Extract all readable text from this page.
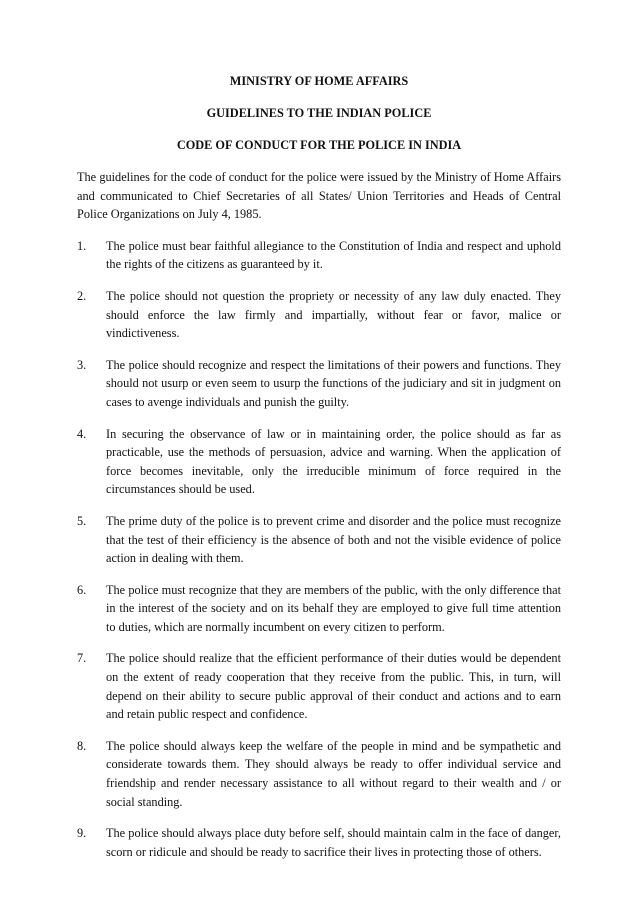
MINISTRY OF HOME AFFAIRS

GUIDELINES TO THE INDIAN POLICE

CODE OF CONDUCT FOR THE POLICE IN INDIA

The guidelines for the code of conduct for the police were issued by the Ministry of Home Affairs and communicated to Chief Secretaries of all States/ Union Territories and Heads of Central Police Organizations on July 4, 1985.

1.	The police must bear faithful allegiance to the Constitution of India and respect and uphold the rights of the citizens as guaranteed by it.
2.	The police should not question the propriety or necessity of any law duly enacted. They should enforce the law firmly and impartially, without fear or favor, malice or vindictiveness.
3.	The police should recognize and respect the limitations of their powers and functions. They should not usurp or even seem to usurp the functions of the judiciary and sit in judgment on cases to avenge individuals and punish the guilty.
4.	In securing the observance of law or in maintaining order, the police should as far as practicable, use the methods of persuasion, advice and warning. When the application of force becomes inevitable, only the irreducible minimum of force required in the circumstances should be used.
5.	The prime duty of the police is to prevent crime and disorder and the police must recognize that the test of their efficiency is the absence of both and not the visible evidence of police action in dealing with them.
6.	The police must recognize that they are members of the public, with the only difference that in the interest of the society and on its behalf they are employed to give full time attention to duties, which are normally incumbent on every citizen to perform.
7.	The police should realize that the efficient performance of their duties would be dependent on the extent of ready cooperation that they receive from the public. This, in turn, will depend on their ability to secure public approval of their conduct and actions and to earn and retain public respect and confidence.
8.	The police should always keep the welfare of the people in mind and be sympathetic and considerate towards them. They should always be ready to offer individual service and friendship and render necessary assistance to all without regard to their wealth and / or social standing.
9.	The police should always place duty before self, should maintain calm in the face of danger, scorn or ridicule and should be ready to sacrifice their lives in protecting those of others.
